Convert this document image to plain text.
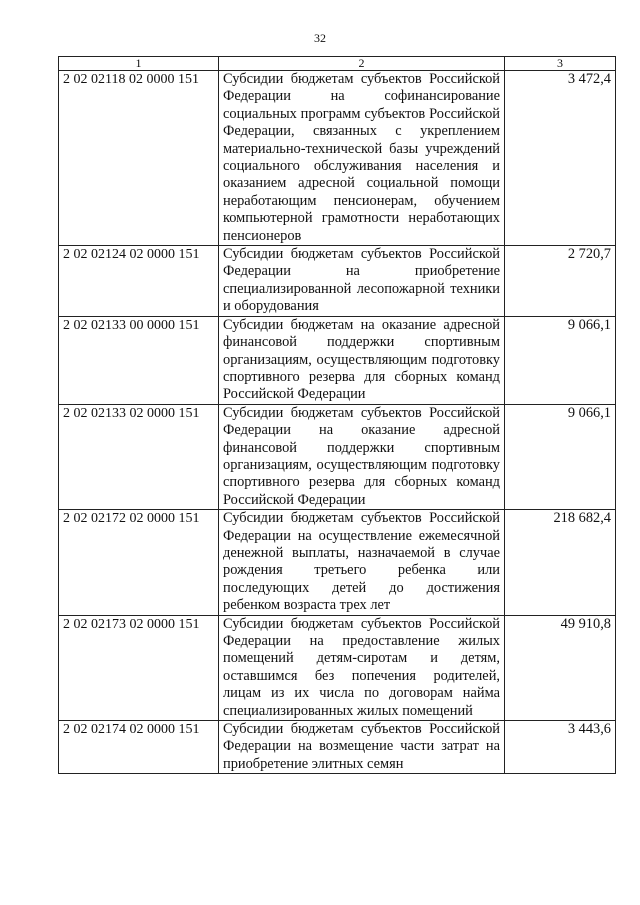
32
1	2	3
2 02 02118 02 0000 151	Субсидии бюджетам субъектов Российской Федерации на софинансирование социальных программ субъектов Российской Федерации, связанных с укреплением материально-технической базы учреждений социального обслуживания населения и оказанием адресной социальной помощи неработающим пенсионерам, обучением компьютерной грамотности неработающих пенсионеров	3 472,4
2 02 02124 02 0000 151	Субсидии бюджетам субъектов Российской Федерации на приобретение специализированной лесопожарной техники и оборудования	2 720,7
2 02 02133 00 0000 151	Субсидии бюджетам на оказание адресной финансовой поддержки спортивным организациям, осуществляющим подготовку спортивного резерва для сборных команд Российской Федерации	9 066,1
2 02 02133 02 0000 151	Субсидии бюджетам субъектов Российской Федерации на оказание адресной финансовой поддержки спортивным организациям, осуществляющим подготовку спортивного резерва для сборных команд Российской Федерации	9 066,1
2 02 02172 02 0000 151	Субсидии бюджетам субъектов Российской Федерации на осуществление ежемесячной денежной выплаты, назначаемой в случае рождения третьего ребенка или последующих детей до достижения ребенком возраста трех лет	218 682,4
2 02 02173 02 0000 151	Субсидии бюджетам субъектов Российской Федерации на предоставление жилых помещений детям-сиротам и детям, оставшимся без попечения родителей, лицам из их числа по договорам найма специализированных жилых помещений	49 910,8
2 02 02174 02 0000 151	Субсидии бюджетам субъектов Российской Федерации на возмещение части затрат на приобретение элитных семян	3 443,6
